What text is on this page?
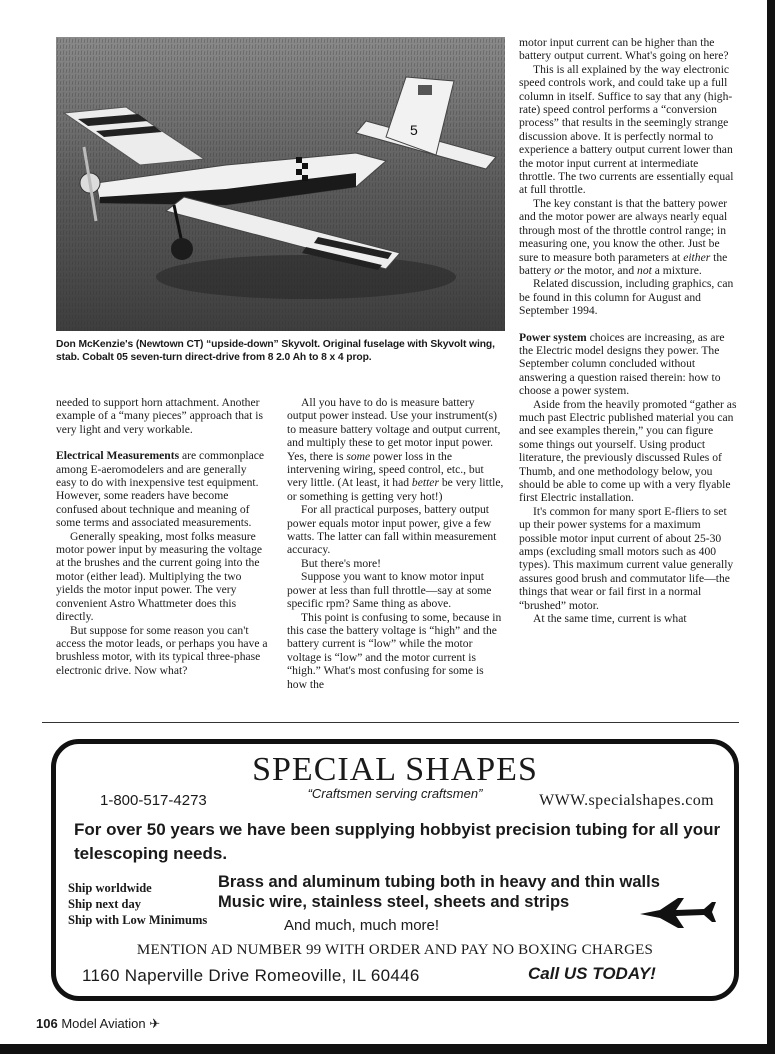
5
Don McKenzie's (Newtown CT) “upside-down” Skyvolt. Original fuselage with Skyvolt wing, stab. Cobalt 05 seven-turn direct-drive from 8 2.0 Ah to 8 x 4 prop.

needed to support horn attachment. Another example of a “many pieces” approach that is very light and very workable.

Electrical Measurements are commonplace among E-aeromodelers and are generally easy to do with inexpensive test equipment. However, some readers have become confused about technique and meaning of some terms and associated measurements.

Generally speaking, most folks measure motor power input by measuring the voltage at the brushes and the current going into the motor (either lead). Multiplying the two yields the motor input power. The very convenient Astro Whattmeter does this directly.

But suppose for some reason you can't access the motor leads, or perhaps you have a brushless motor, with its typical three-phase electronic drive. Now what?

All you have to do is measure battery output power instead. Use your instrument(s) to measure battery voltage and output current, and multiply these to get motor input power. Yes, there is some power loss in the intervening wiring, speed control, etc., but very little. (At least, it had better be very little, or something is getting very hot!)

For all practical purposes, battery output power equals motor input power, give a few watts. The latter can fall within measurement accuracy.

But there's more!

Suppose you want to know motor input power at less than full throttle—say at some specific rpm? Same thing as above.

This point is confusing to some, because in this case the battery voltage is “high” and the battery current is “low” while the motor voltage is “low” and the motor current is “high.” What's most confusing for some is how the

motor input current can be higher than the battery output current. What's going on here?

This is all explained by the way electronic speed controls work, and could take up a full column in itself. Suffice to say that any (high-rate) speed control performs a “conversion process” that results in the seemingly strange discussion above. It is perfectly normal to experience a battery output current lower than the motor input current at intermediate throttle. The two currents are essentially equal at full throttle.

The key constant is that the battery power and the motor power are always nearly equal through most of the throttle control range; in measuring one, you know the other. Just be sure to measure both parameters at either the battery or the motor, and not a mixture.

Related discussion, including graphics, can be found in this column for August and September 1994.

Power system choices are increasing, as are the Electric model designs they power. The September column concluded without answering a question raised therein: how to choose a power system.

Aside from the heavily promoted “gather as much past Electric published material you can and see examples therein,” you can figure some things out yourself. Using product literature, the previously discussed Rules of Thumb, and one methodology below, you should be able to come up with a very flyable first Electric installation.

It's common for many sport E-fliers to set up their power systems for a maximum possible motor input current of about 25-30 amps (excluding small motors such as 400 types). This maximum current value generally assures good brush and commutator life—the things that wear or fail first in a normal “brushed” motor.

At the same time, current is what

SPECIAL SHAPES
“Craftsmen serving craftsmen”
1-800-517-4273	WWW.specialshapes.com
For over 50 years we have been supplying hobbyist precision tubing for all your telescoping needs.
Ship worldwide
Ship next day
Ship with Low Minimums
Brass and aluminum tubing both in heavy and thin walls
Music wire, stainless steel, sheets and strips
And much, much more!
MENTION AD NUMBER 99 WITH ORDER AND PAY NO BOXING CHARGES
1160 Naperville Drive Romeoville, IL 60446	Call US TODAY!
106 Model Aviation ✈
